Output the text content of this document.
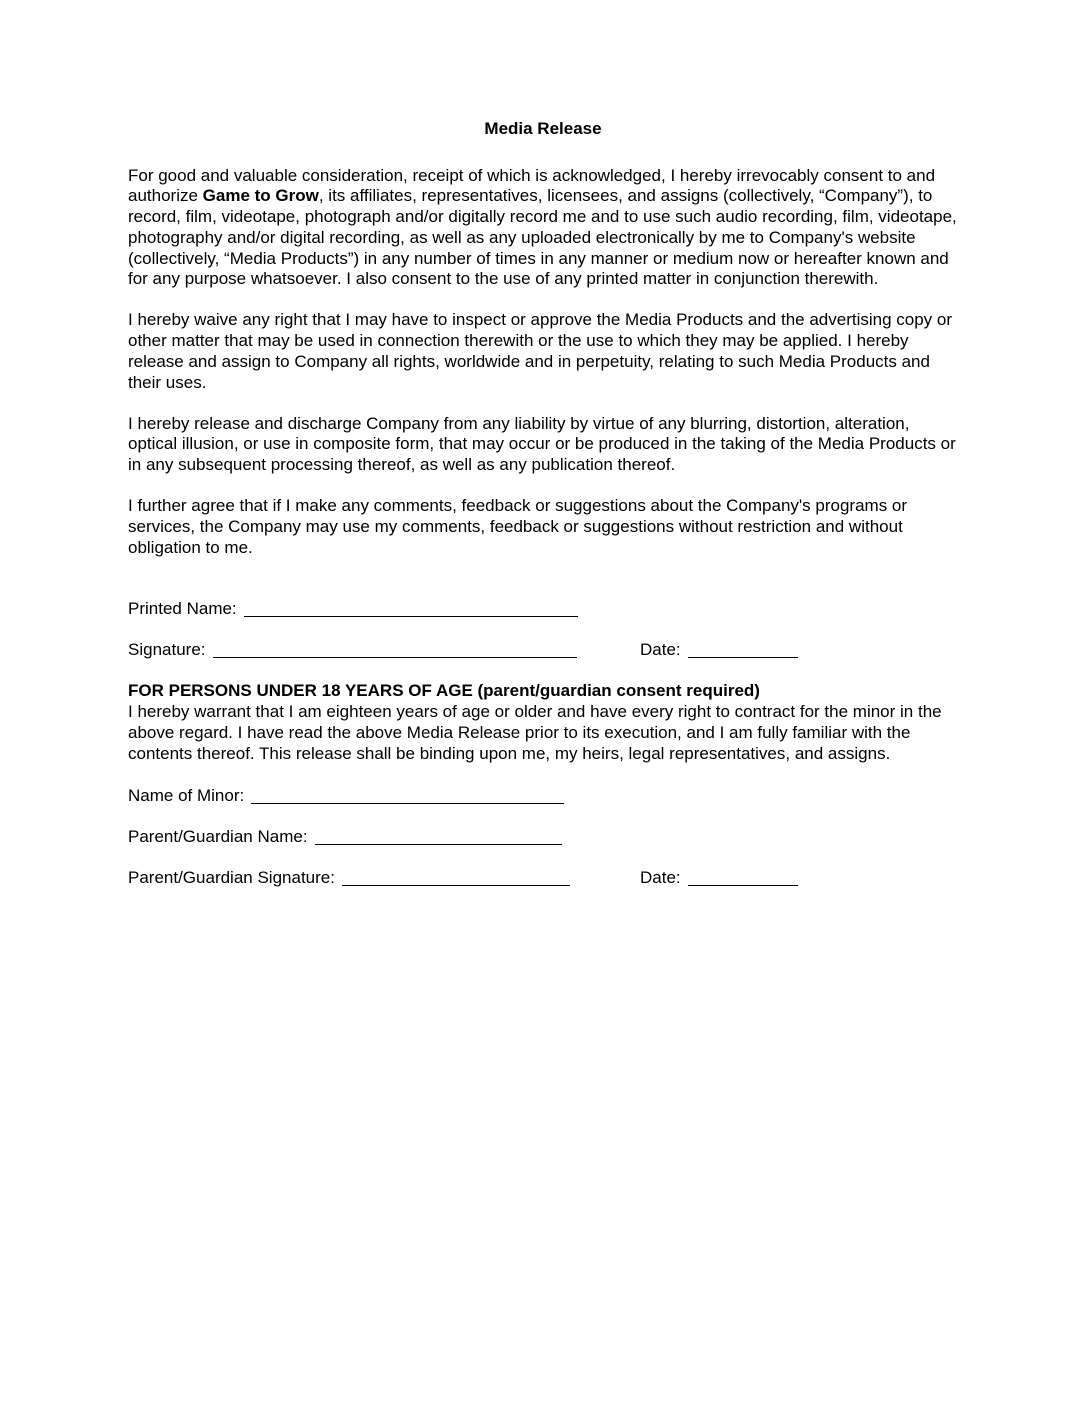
Media Release

For good and valuable consideration, receipt of which is acknowledged, I hereby irrevocably consent to and authorize Game to Grow, its affiliates, representatives, licensees, and assigns (collectively, “Company”), to record, film, videotape, photograph and/or digitally record me and to use such audio recording, film, videotape, photography and/or digital recording, as well as any uploaded electronically by me to Company's website (collectively, “Media Products”) in any number of times in any manner or medium now or hereafter known and for any purpose whatsoever. I also consent to the use of any printed matter in conjunction therewith.

I hereby waive any right that I may have to inspect or approve the Media Products and the advertising copy or other matter that may be used in connection therewith or the use to which they may be applied. I hereby release and assign to Company all rights, worldwide and in perpetuity, relating to such Media Products and their uses.

I hereby release and discharge Company from any liability by virtue of any blurring, distortion, alteration, optical illusion, or use in composite form, that may occur or be produced in the taking of the Media Products or in any subsequent processing thereof, as well as any publication thereof.

I further agree that if I make any comments, feedback or suggestions about the Company's programs or services, the Company may use my comments, feedback or suggestions without restriction and without obligation to me.

Printed Name:
Signature:	Date:
FOR PERSONS UNDER 18 YEARS OF AGE (parent/guardian consent required)

I hereby warrant that I am eighteen years of age or older and have every right to contract for the minor in the above regard. I have read the above Media Release prior to its execution, and I am fully familiar with the contents thereof. This release shall be binding upon me, my heirs, legal representatives, and assigns.

Name of Minor:
Parent/Guardian Name:
Parent/Guardian Signature:	Date:
